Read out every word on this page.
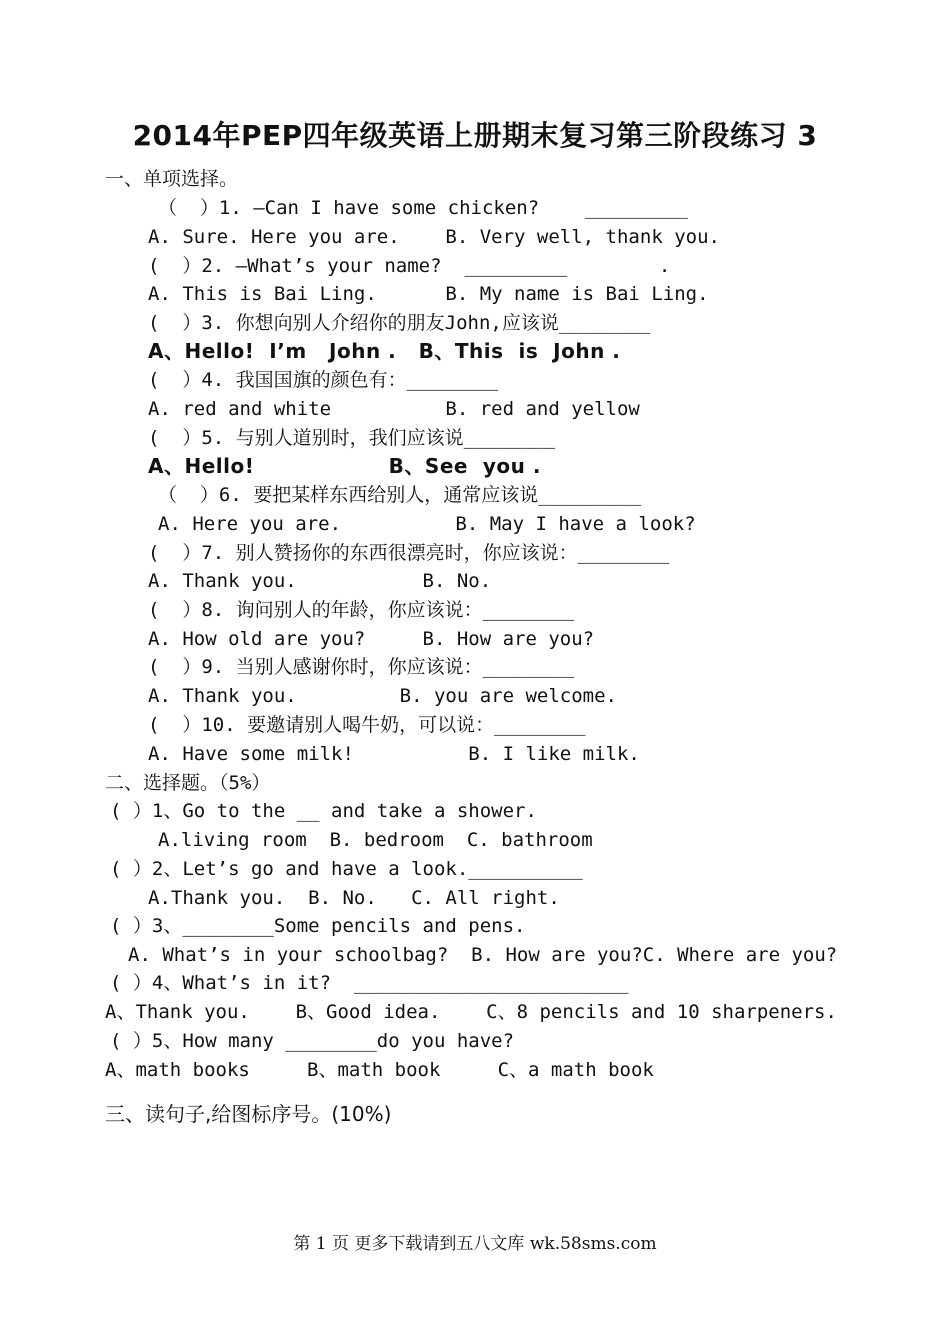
2014年PEP四年级英语上册期末复习第三阶段练习 3
一、单项选择。
（  ）1. —Can I have some chicken?    _________
A. Sure. Here you are.    B. Very well, thank you.
(  ）2. —What’s your name?  _________        .
A. This is Bai Ling.      B. My name is Bai Ling.
(  ）3. 你想向别人介绍你的朋友John,应该说________
A、Hello!  I’m   John .   B、This  is  John .
(  ）4. 我国国旗的颜色有：________
A. red and white          B. red and yellow
(  ）5. 与别人道别时，我们应该说________
A、Hello!                  B、See  you .
（  ）6. 要把某样东西给别人，通常应该说_________
A. Here you are.          B. May I have a look?
(  ）7. 别人赞扬你的东西很漂亮时，你应该说：________
A. Thank you.           B. No.
(  ）8. 询问别人的年龄，你应该说：________
A. How old are you?     B. How are you?
(  ）9. 当别人感谢你时，你应该说：________
A. Thank you.         B. you are welcome.
(  ）10. 要邀请别人喝牛奶，可以说：________
A. Have some milk!          B. I like milk.
二、选择题。（5%）
( ）1、Go to the __ and take a shower.
A.living room  B. bedroom  C. bathroom
( ）2、Let’s go and have a look.__________
A.Thank you.  B. No.   C. All right.
( ）3、________Some pencils and pens.
A. What’s in your schoolbag?  B. How are you?C. Where are you?
( ）4、What’s in it?  ________________________
A、Thank you.    B、Good idea.    C、8 pencils and 10 sharpeners.
( ）5、How many ________do you have?
A、math books     B、math book     C、a math book
三、读句子,给图标序号。(10%)
第 1 页 更多下载请到五八文库 wk.58sms.com
